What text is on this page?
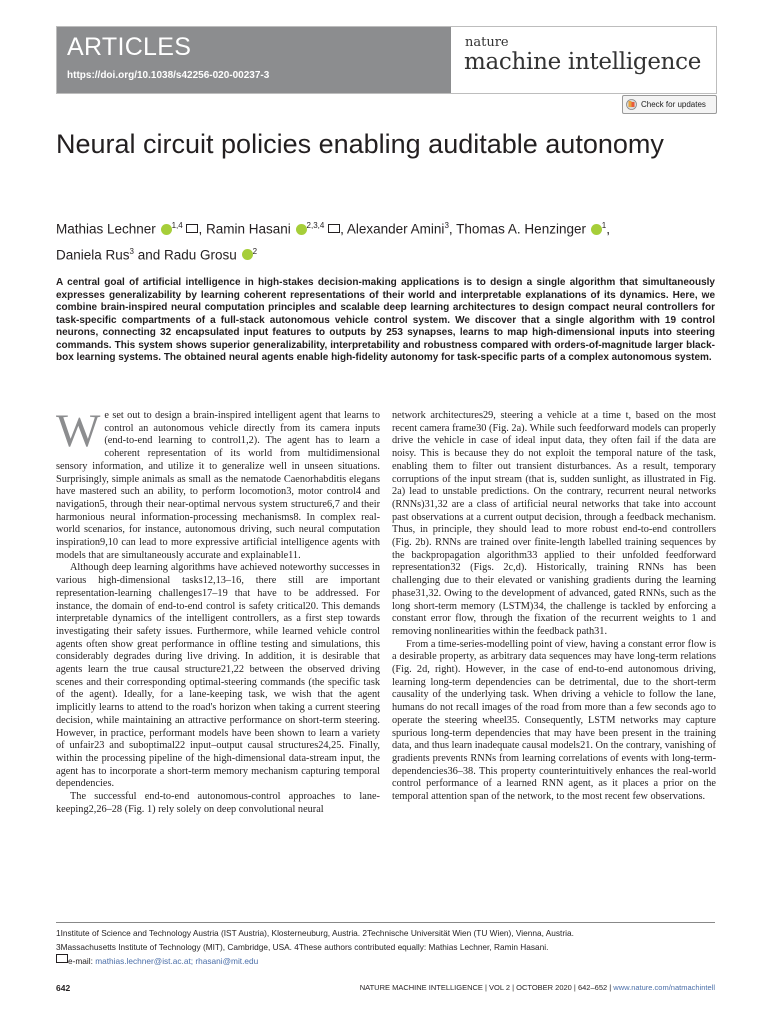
ARTICLES
https://doi.org/10.1038/s42256-020-00237-3
nature
machine intelligence
Check for updates
Neural circuit policies enabling auditable autonomy
Mathias Lechner $^{1,4}$ , Ramin Hasani $^{2,3,4}$ , Alexander Amini$^3$, Thomas A. Henzinger $^1$,
Daniela Rus$^3$ and Radu Grosu $^2$
A central goal of artificial intelligence in high-stakes decision-making applications is to design a single algorithm that simultaneously expresses generalizability by learning coherent representations of their world and interpretable explanations of its dynamics. Here, we combine brain-inspired neural computation principles and scalable deep learning architectures to design compact neural controllers for task-specific compartments of a full-stack autonomous vehicle control system. We discover that a single algorithm with 19 control neurons, connecting 32 encapsulated input features to outputs by 253 synapses, learns to map high-dimensional inputs into steering commands. This system shows superior generalizability, interpretability and robustness compared with orders-of-magnitude larger black-box learning systems. The obtained neural agents enable high-fidelity autonomy for task-specific parts of a complex autonomous system.
W e set out to design a brain-inspired intelligent agent that learns to control an autonomous vehicle directly from its camera inputs (end-to-end learning to control1,2). The agent has to learn a coherent representation of its world from multidimensional sensory information, and utilize it to generalize well in unseen situations. Surprisingly, simple animals as small as the nematode Caenorhabditis elegans have mastered such an ability, to perform locomotion3, motor control4 and navigation5, through their near-optimal nervous system structure6,7 and their harmonious neural information-processing mechanisms8. In complex real-world scenarios, for instance, autonomous driving, such neural computation inspiration9,10 can lead to more expressive artificial intelligence agents with models that are simultaneously accurate and explainable11.

Although deep learning algorithms have achieved noteworthy successes in various high-dimensional tasks12,13–16, there still are important representation-learning challenges17–19 that have to be addressed. For instance, the domain of end-to-end control is safety critical20. This demands interpretable dynamics of the intelligent controllers, as a first step towards investigating their safety issues. Furthermore, while learned vehicle control agents often show great performance in offline testing and simulations, this considerably degrades during live driving. In addition, it is desirable that agents learn the true causal structure21,22 between the observed driving scenes and their corresponding optimal-steering commands (the specific task of the agent). Ideally, for a lane-keeping task, we wish that the agent implicitly learns to attend to the road's horizon when taking a current steering decision, while maintaining an attractive performance on short-term steering. However, in practice, performant models have been shown to learn a variety of unfair23 and suboptimal22 input–output causal structures24,25. Finally, within the processing pipeline of the high-dimensional data-stream input, the agent has to incorporate a short-term memory mechanism capturing temporal dependencies.

The successful end-to-end autonomous-control approaches to lane-keeping2,26–28 (Fig. 1) rely solely on deep convolutional neural

network architectures29, steering a vehicle at a time t, based on the most recent camera frame30 (Fig. 2a). While such feedforward models can properly drive the vehicle in case of ideal input data, they often fail if the data are noisy. This is because they do not exploit the temporal nature of the task, enabling them to filter out transient disturbances. As a result, temporary corruptions of the input stream (that is, sudden sunlight, as illustrated in Fig. 2a) lead to unstable predictions. On the contrary, recurrent neural networks (RNNs)31,32 are a class of artificial neural networks that take into account past observations at a current output decision, through a feedback mechanism. Thus, in principle, they should lead to more robust end-to-end controllers (Fig. 2b). RNNs are trained over finite-length labelled training sequences by the backpropagation algorithm33 applied to their unfolded feedforward representation32 (Figs. 2c,d). Historically, training RNNs has been challenging due to their elevated or vanishing gradients during the learning phase31,32. Owing to the development of advanced, gated RNNs, such as the long short-term memory (LSTM)34, the challenge is tackled by enforcing a constant error flow, through the fixation of the recurrent weights to 1 and removing nonlinearities within the feedback path31.

From a time-series-modelling point of view, having a constant error flow is a desirable property, as arbitrary data sequences may have long-term relations (Fig. 2d, right). However, in the case of end-to-end autonomous driving, learning long-term dependencies can be detrimental, due to the short-term causality of the underlying task. When driving a vehicle to follow the lane, humans do not recall images of the road from more than a few seconds ago to operate the steering wheel35. Consequently, LSTM networks may capture spurious long-term dependencies that may have been present in the training data, and thus learn inadequate causal models21. On the contrary, vanishing of gradients prevents RNNs from learning correlations of events with long-term-dependencies36–38. This property counterintuitively enhances the real-world control performance of a learned RNN agent, as it places a prior on the temporal attention span of the network, to the most recent few observations.

1Institute of Science and Technology Austria (IST Austria), Klosterneuburg, Austria. 2Technische Universität Wien (TU Wien), Vienna, Austria.
3Massachusetts Institute of Technology (MIT), Cambridge, USA. 4These authors contributed equally: Mathias Lechner, Ramin Hasani.
e-mail: mathias.lechner@ist.ac.at; rhasani@mit.edu
642	NATURE MACHINE INTELLIGENCE | VOL 2 | OCTOBER 2020 | 642–652 | www.nature.com/natmachintell
